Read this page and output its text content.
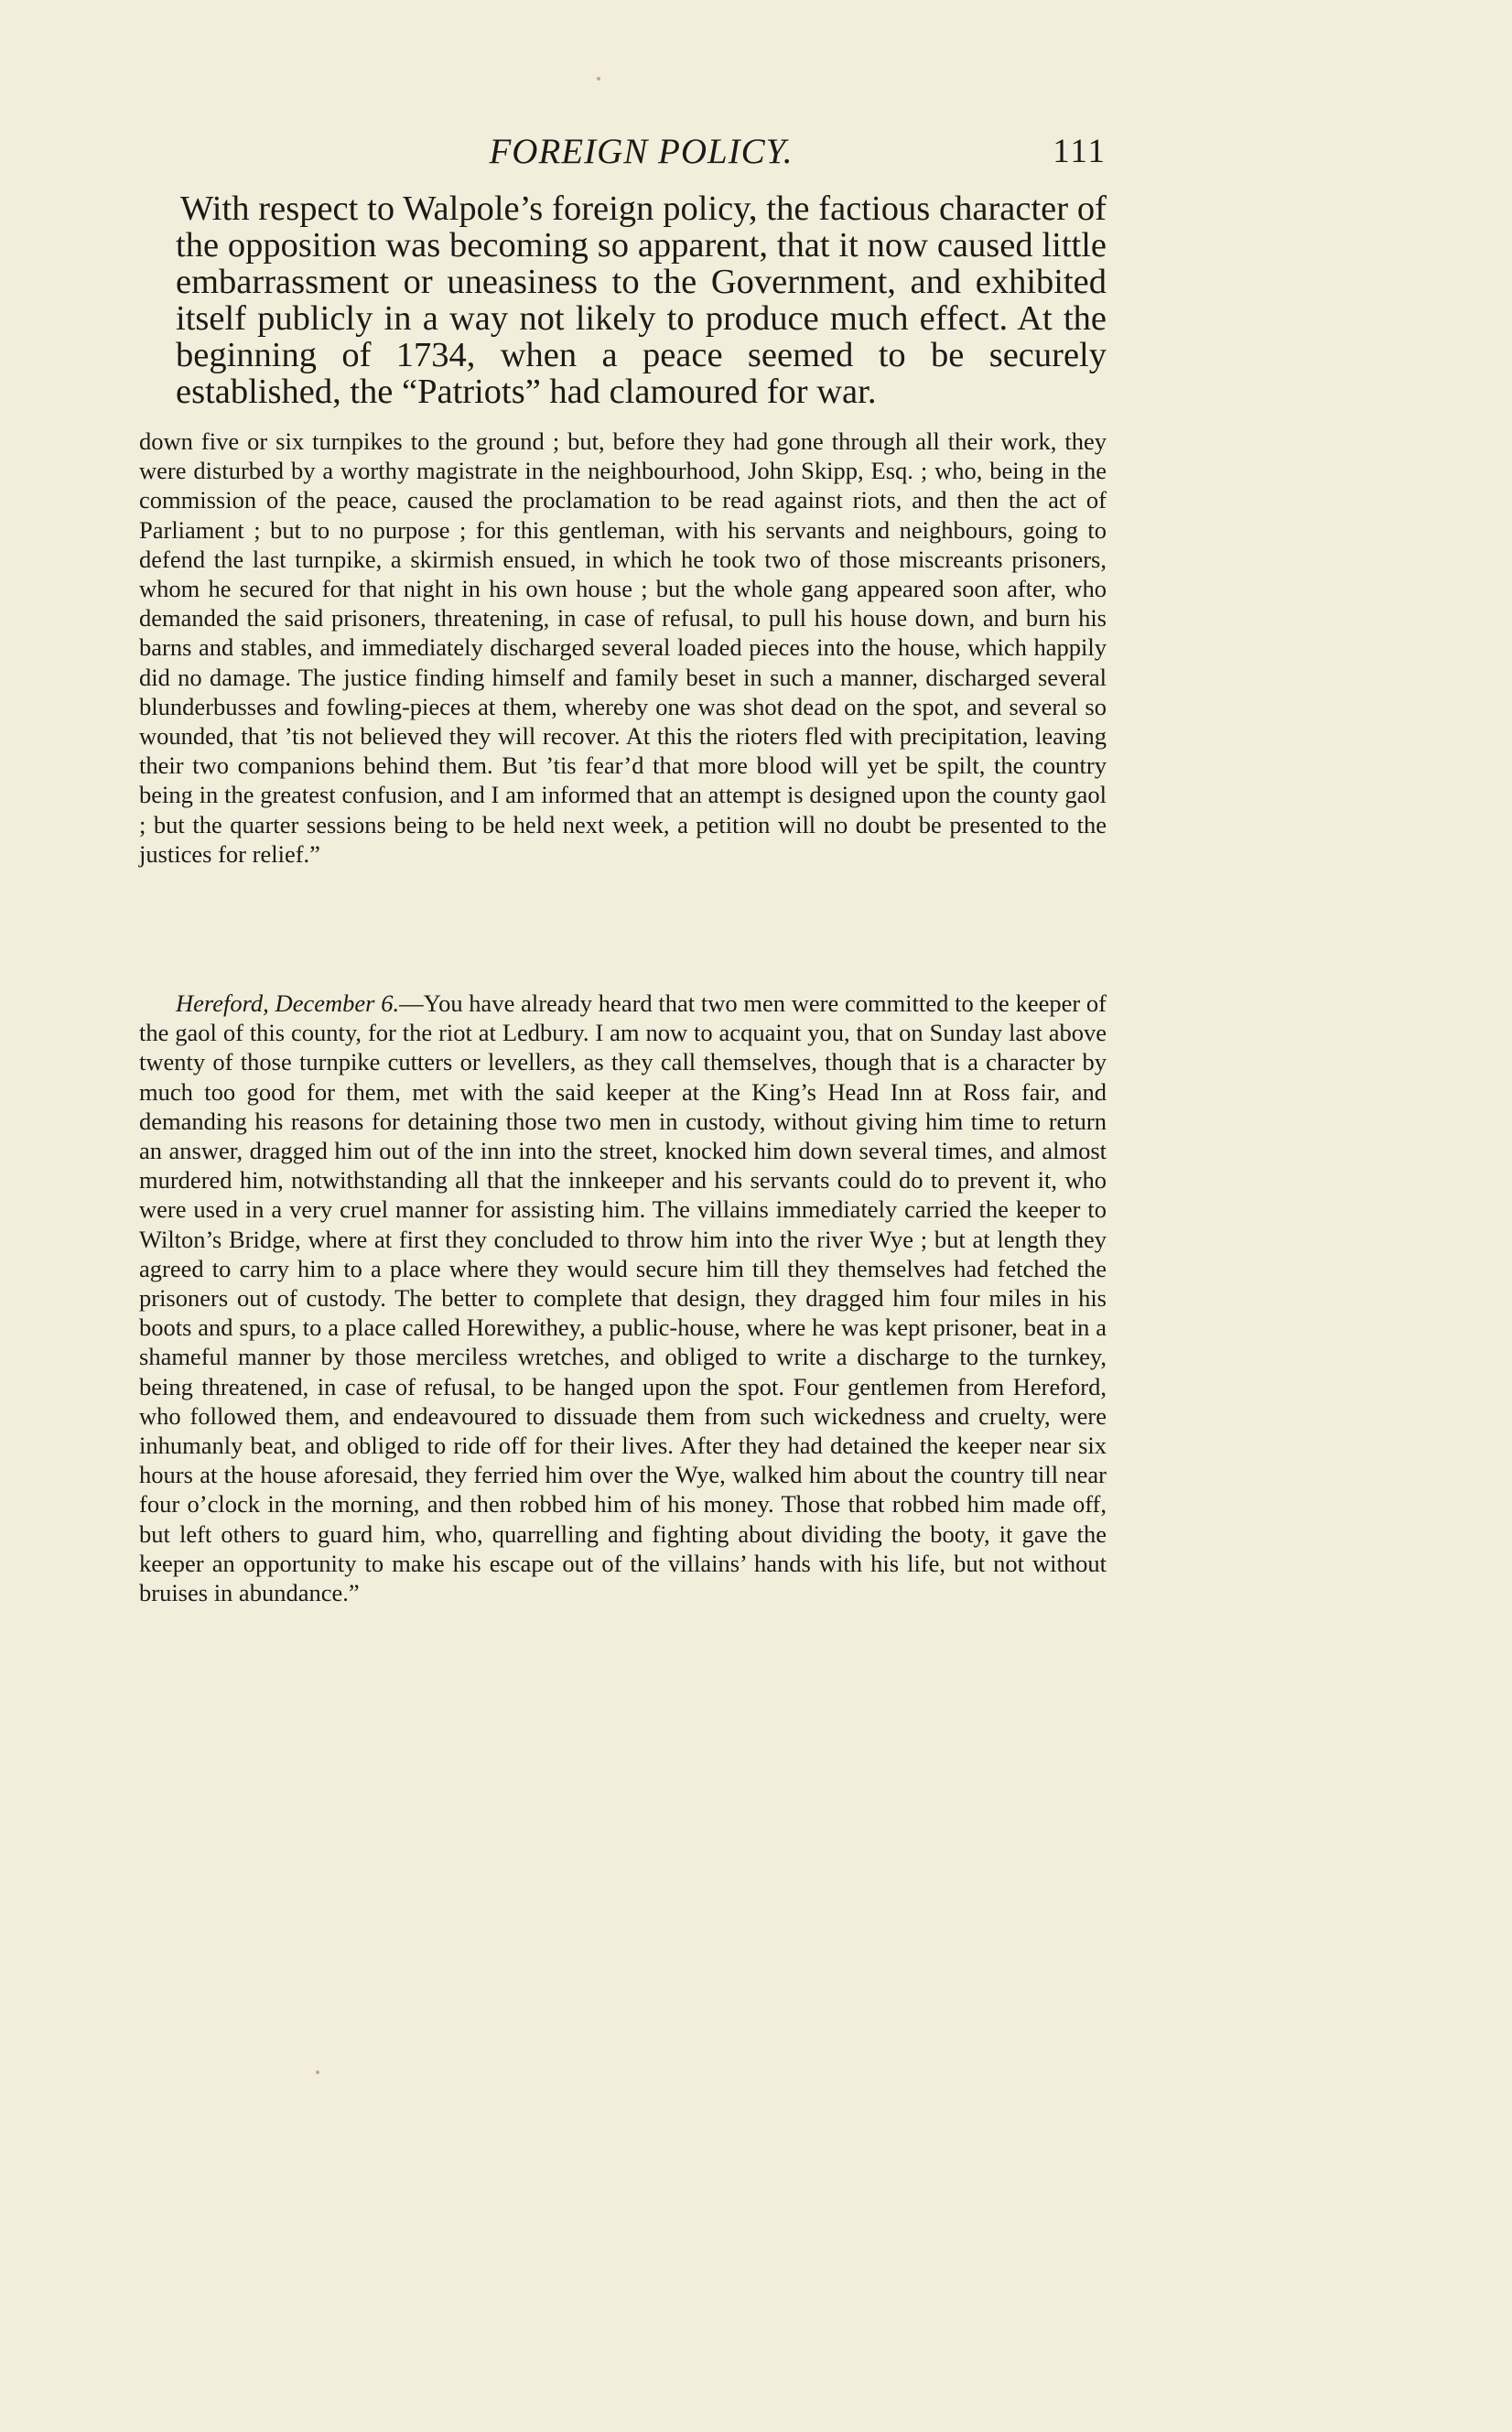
FOREIGN POLICY.	111

With respect to Walpole’s foreign policy, the factious character of the opposition was becoming so apparent, that it now caused little embarrassment or uneasiness to the Government, and exhibited itself publicly in a way not likely to produce much effect. At the beginning of 1734, when a peace seemed to be securely established, the “Patriots” had clamoured for war.

down five or six turnpikes to the ground ; but, before they had gone through all their work, they were disturbed by a worthy magistrate in the neighbourhood, John Skipp, Esq. ; who, being in the commission of the peace, caused the proclamation to be read against riots, and then the act of Parliament ; but to no purpose ; for this gentleman, with his servants and neighbours, going to defend the last turnpike, a skirmish ensued, in which he took two of those miscreants prisoners, whom he secured for that night in his own house ; but the whole gang appeared soon after, who demanded the said prisoners, threatening, in case of refusal, to pull his house down, and burn his barns and stables, and immediately discharged several loaded pieces into the house, which happily did no damage. The justice finding himself and family beset in such a manner, discharged several blunderbusses and fowling-pieces at them, whereby one was shot dead on the spot, and several so wounded, that ’tis not believed they will recover. At this the rioters fled with precipitation, leaving their two companions behind them. But ’tis fear’d that more blood will yet be spilt, the country being in the greatest confusion, and I am informed that an attempt is designed upon the county gaol ; but the quarter sessions being to be held next week, a petition will no doubt be presented to the justices for relief.”

Hereford, December 6.—You have already heard that two men were committed to the keeper of the gaol of this county, for the riot at Ledbury. I am now to acquaint you, that on Sunday last above twenty of those turnpike cutters or levellers, as they call themselves, though that is a character by much too good for them, met with the said keeper at the King’s Head Inn at Ross fair, and demanding his reasons for detaining those two men in custody, without giving him time to return an answer, dragged him out of the inn into the street, knocked him down several times, and almost murdered him, notwithstanding all that the innkeeper and his servants could do to prevent it, who were used in a very cruel manner for assisting him. The villains immediately carried the keeper to Wilton’s Bridge, where at first they concluded to throw him into the river Wye ; but at length they agreed to carry him to a place where they would secure him till they themselves had fetched the prisoners out of custody. The better to complete that design, they dragged him four miles in his boots and spurs, to a place called Horewithey, a public-house, where he was kept prisoner, beat in a shameful manner by those merciless wretches, and obliged to write a discharge to the turnkey, being threatened, in case of refusal, to be hanged upon the spot. Four gentlemen from Hereford, who followed them, and endeavoured to dissuade them from such wickedness and cruelty, were inhumanly beat, and obliged to ride off for their lives. After they had detained the keeper near six hours at the house aforesaid, they ferried him over the Wye, walked him about the country till near four o’clock in the morning, and then robbed him of his money. Those that robbed him made off, but left others to guard him, who, quarrelling and fighting about dividing the booty, it gave the keeper an opportunity to make his escape out of the villains’ hands with his life, but not without bruises in abundance.”
